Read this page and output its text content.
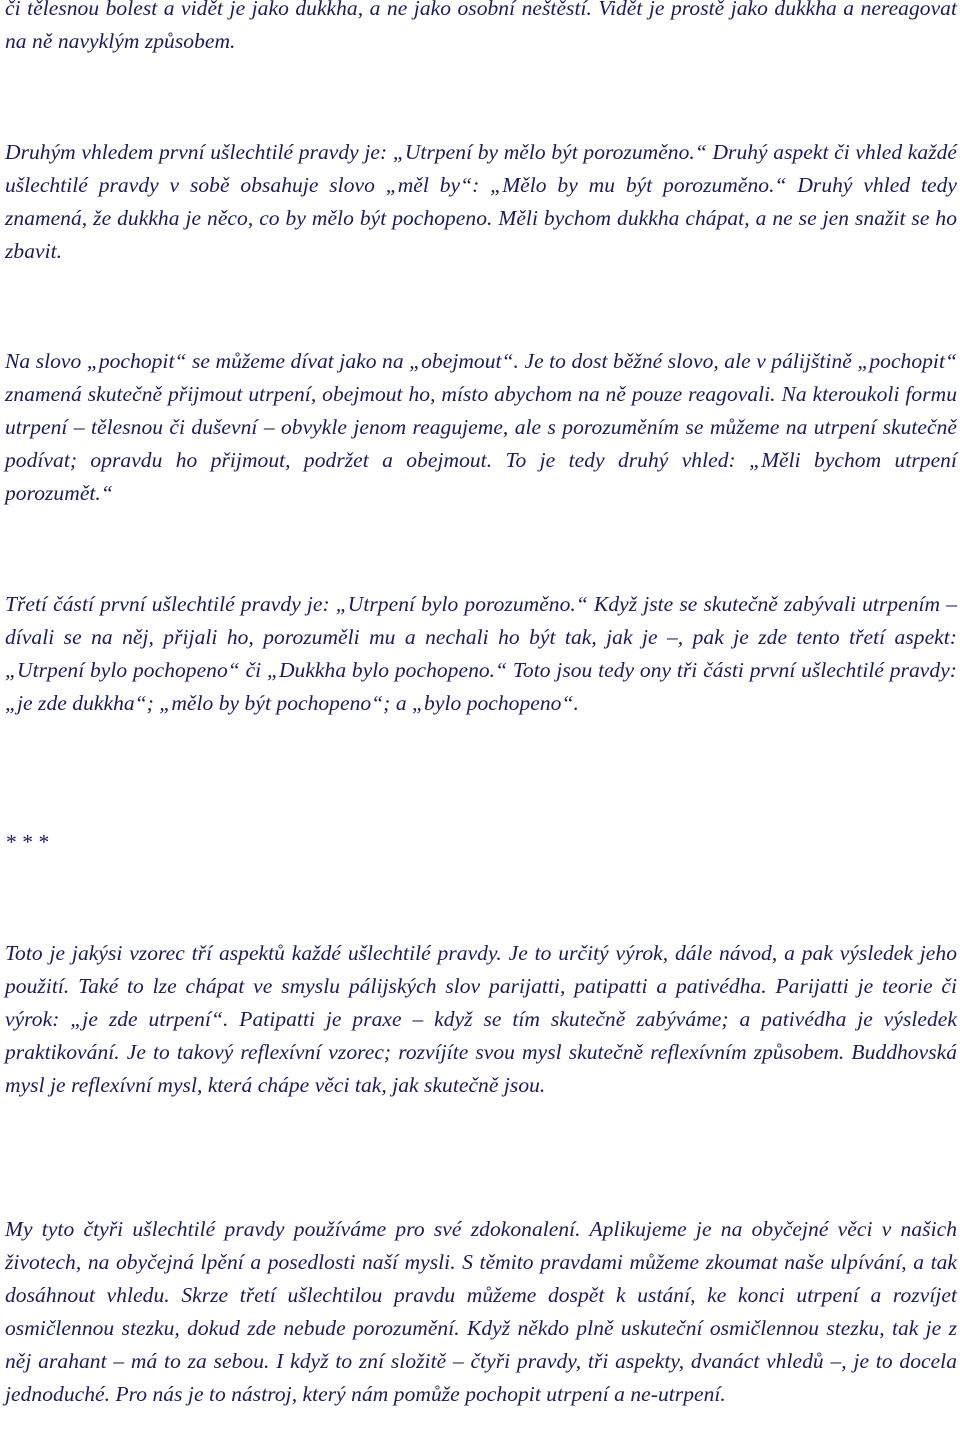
či tělesnou bolest a vidět je jako dukkha, a ne jako osobní neštěstí. Vidět je prostě jako dukkha a nereagovat na ně navyklým způsobem.

Druhým vhledem první ušlechtilé pravdy je: „Utrpení by mělo být porozuměno.“ Druhý aspekt či vhled každé ušlechtilé pravdy v sobě obsahuje slovo „měl by“: „Mělo by mu být porozuměno.“ Druhý vhled tedy znamená, že dukkha je něco, co by mělo být pochopeno. Měli bychom dukkha chápat, a ne se jen snažit se ho zbavit.

Na slovo „pochopit“ se můžeme dívat jako na „obejmout“. Je to dost běžné slovo, ale v pálijštině „pochopit“ znamená skutečně přijmout utrpení, obejmout ho, místo abychom na ně pouze reagovali. Na kteroukoli formu utrpení – tělesnou či duševní – obvykle jenom reagujeme, ale s porozuměním se můžeme na utrpení skutečně podívat; opravdu ho přijmout, podržet a obejmout. To je tedy druhý vhled: „Měli bychom utrpení porozumět.“

Třetí částí první ušlechtilé pravdy je: „Utrpení bylo porozuměno.“ Když jste se skutečně zabývali utrpením – dívali se na něj, přijali ho, porozuměli mu a nechali ho být tak, jak je –, pak je zde tento třetí aspekt: „Utrpení bylo pochopeno“ či „Dukkha bylo pochopeno.“ Toto jsou tedy ony tři části první ušlechtilé pravdy: „je zde dukkha“; „mělo by být pochopeno“; a „bylo pochopeno“.

* * *

Toto je jakýsi vzorec tří aspektů každé ušlechtilé pravdy. Je to určitý výrok, dále návod, a pak výsledek jeho použití. Také to lze chápat ve smyslu pálijských slov parijatti, patipatti a pativédha. Parijatti je teorie či výrok: „je zde utrpení“. Patipatti je praxe – když se tím skutečně zabýváme; a pativédha je výsledek praktikování. Je to takový reflexívní vzorec; rozvíjíte svou mysl skutečně reflexívním způsobem. Buddhovská mysl je reflexívní mysl, která chápe věci tak, jak skutečně jsou.

My tyto čtyři ušlechtilé pravdy používáme pro své zdokonalení. Aplikujeme je na obyčejné věci v našich životech, na obyčejná lpění a posedlosti naší mysli. S těmito pravdami můžeme zkoumat naše ulpívání, a tak dosáhnout vhledu. Skrze třetí ušlechtilou pravdu můžeme dospět k ustání, ke konci utrpení a rozvíjet osmičlennou stezku, dokud zde nebude porozumění. Když někdo plně uskuteční osmičlennou stezku, tak je z něj arahant – má to za sebou. I když to zní složitě – čtyři pravdy, tři aspekty, dvanáct vhledů –, je to docela jednoduché. Pro nás je to nástroj, který nám pomůže pochopit utrpení a ne-utrpení.
